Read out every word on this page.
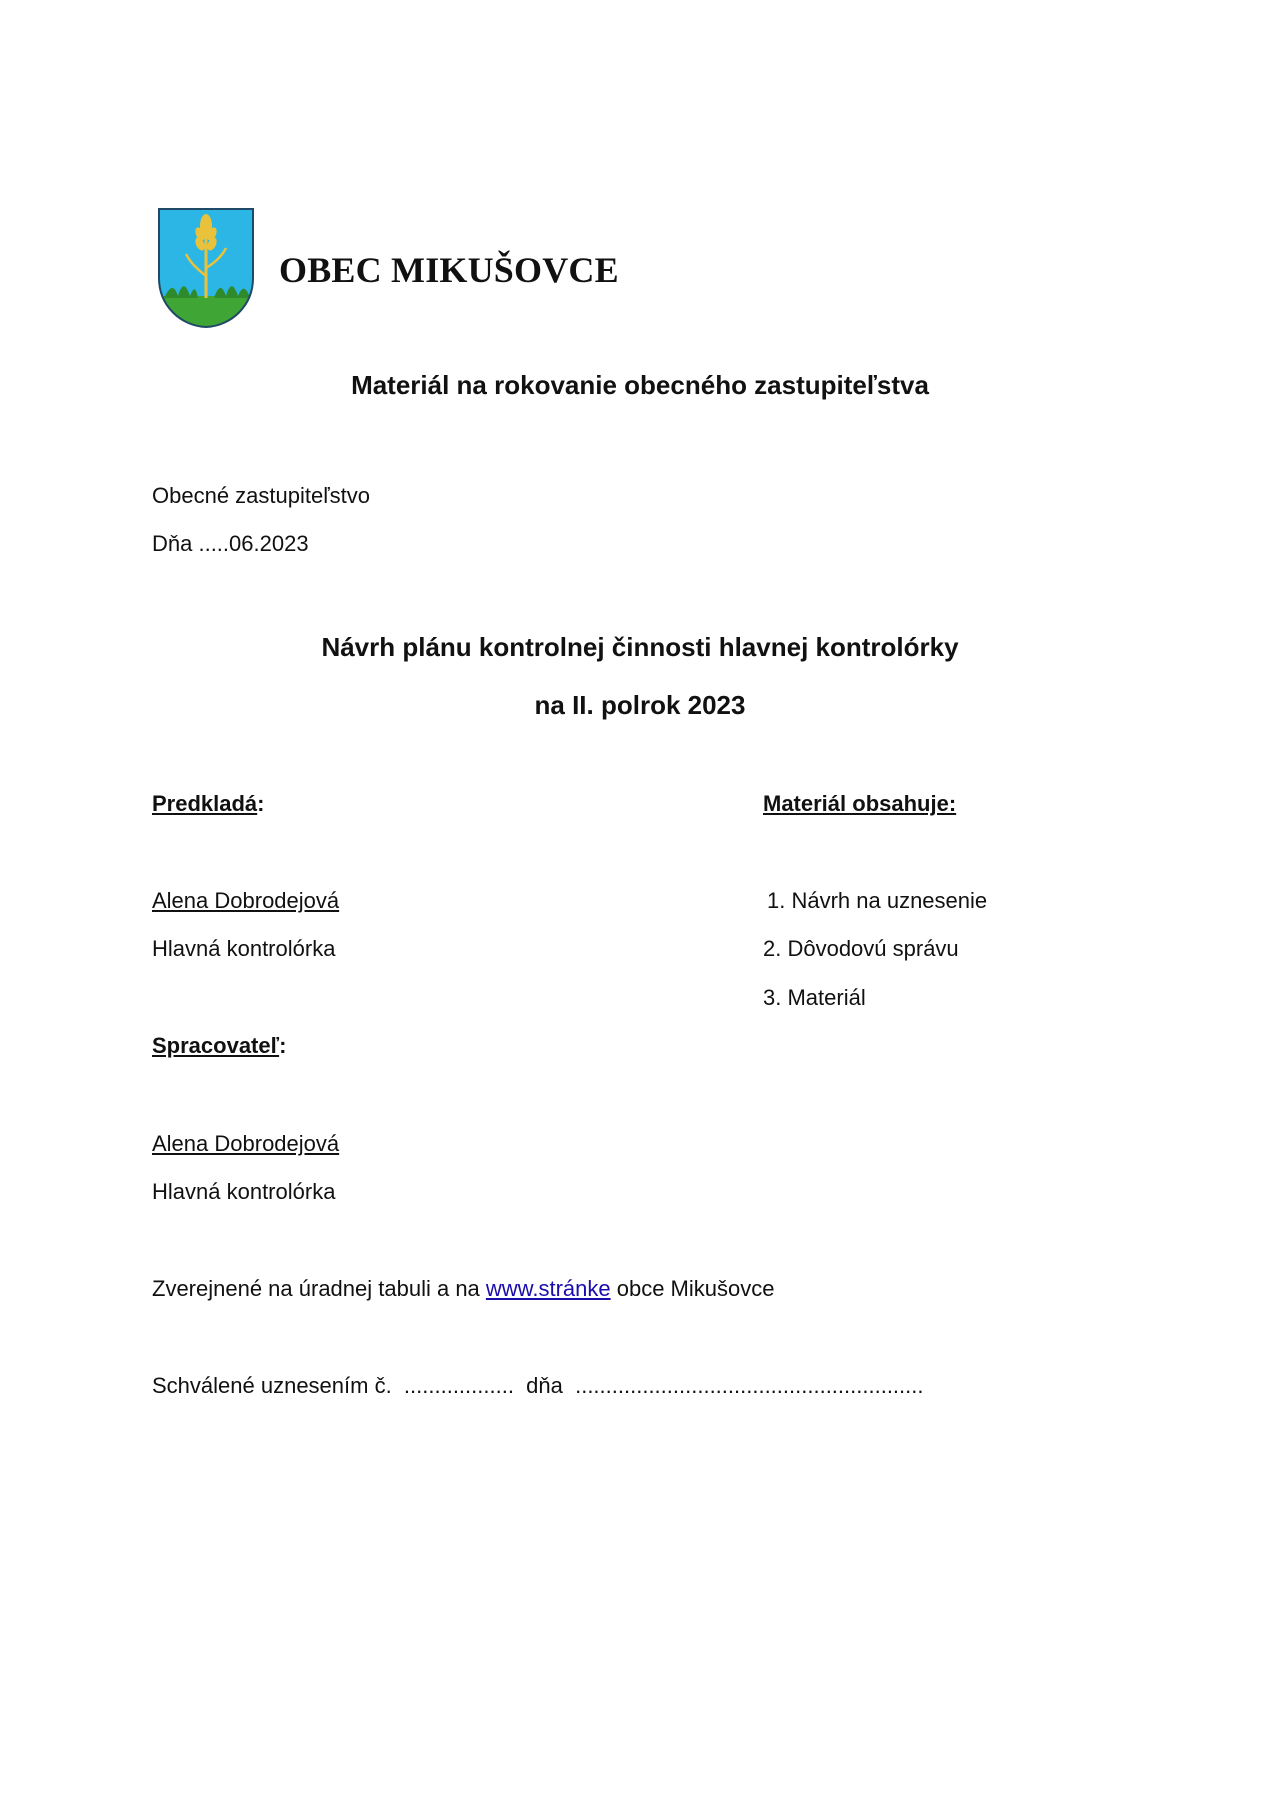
OBEC MIKUŠOVCE
Materiál na rokovanie obecného zastupiteľstva
Obecné zastupiteľstvo
Dňa .....06.2023
Návrh plánu kontrolnej činnosti hlavnej kontrolórky
na II. polrok 2023
Predkladá:
Alena Dobrodejová
Hlavná kontrolórka
Materiál obsahuje:
1. Návrh na uznesenie
2. Dôvodovú správu
3. Materiál
Spracovateľ:
Alena Dobrodejová
Hlavná kontrolórka
Zverejnené na úradnej tabuli a na www.stránke obce Mikušovce
Schválené uznesením č.  ..................  dňa  .........................................................
